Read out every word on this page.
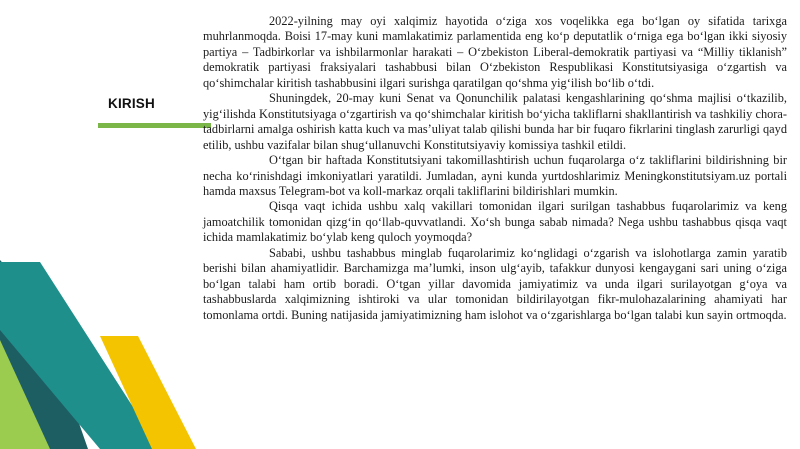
KIRISH

2022-yilning may oyi xalqimiz hayotida o‘ziga xos voqelikka ega bo‘lgan oy sifatida tarixga muhrlanmoqda. Boisi 17-may kuni mamlakatimiz parlamentida eng ko‘p deputatlik o‘rniga ega bo‘lgan ikki siyosiy partiya – Tadbirkorlar va ishbilarmonlar harakati – O‘zbekiston Liberal-demokratik partiyasi va “Milliy tiklanish” demokratik partiyasi fraksiyalari tashabbusi bilan O‘zbekiston Respublikasi Konstitutsiyasiga o‘zgartish va qo‘shimchalar kiritish tashabbusini ilgari surishga qaratilgan qo‘shma yig‘ilish bo‘lib o‘tdi.

Shuningdek, 20-may kuni Senat va Qonunchilik palatasi kengashlarining qo‘shma majlisi o‘tkazilib, yig‘ilishda Konstitutsiyaga o‘zgartirish va qo‘shimchalar kiritish bo‘yicha takliflarni shakllantirish va tashkiliy chora-tadbirlarni amalga oshirish katta kuch va mas’uliyat talab qilishi bunda har bir fuqaro fikrlarini tinglash zarurligi qayd etilib, ushbu vazifalar bilan shug‘ullanuvchi Konstitutsiyaviy komissiya tashkil etildi.

O‘tgan bir haftada Konstitutsiyani takomillashtirish uchun fuqarolarga o‘z takliflarini bildirishning bir necha ko‘rinishdagi imkoniyatlari yaratildi. Jumladan, ayni kunda yurtdoshlarimiz Meningkonstitutsiyam.uz portali hamda maxsus Telegram-bot va koll-markaz orqali takliflarini bildirishlari mumkin.

Qisqa vaqt ichida ushbu xalq vakillari tomonidan ilgari surilgan tashabbus fuqarolarimiz va keng jamoatchilik tomonidan qizg‘in qo‘llab-quvvatlandi. Xo‘sh bunga sabab nimada? Nega ushbu tashabbus qisqa vaqt ichida mamlakatimiz bo‘ylab keng quloch yoymoqda?

Sababi, ushbu tashabbus minglab fuqarolarimiz ko‘nglidagi o‘zgarish va islohotlarga zamin yaratib berishi bilan ahamiyatlidir. Barchamizga ma’lumki, inson ulg‘ayib, tafakkur dunyosi kengaygani sari uning o‘ziga bo‘lgan talabi ham ortib boradi. O‘tgan yillar davomida jamiyatimiz va unda ilgari surilayotgan g‘oya va tashabbuslarda xalqimizning ishtiroki va ular tomonidan bildirilayotgan fikr-mulohazalarining ahamiyati har tomonlama ortdi. Buning natijasida jamiyatimizning ham islohot va o‘zgarishlarga bo‘lgan talabi kun sayin ortmoqda.
